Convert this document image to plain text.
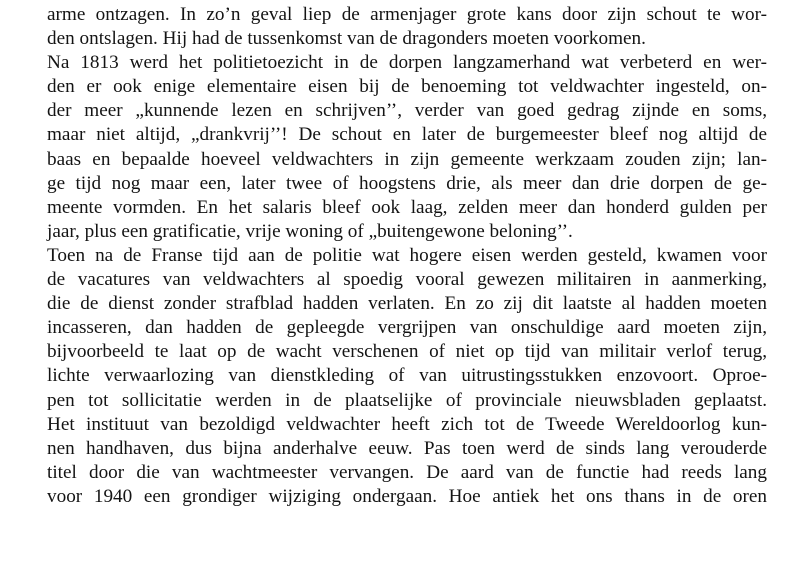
arme ontzagen. In zo’n geval liep de armenjager grote kans door zijn schout te wor-
den ontslagen. Hij had de tussenkomst van de dragonders moeten voorkomen.
Na 1813 werd het politietoezicht in de dorpen langzamerhand wat verbeterd en wer-
den er ook enige elementaire eisen bij de benoeming tot veldwachter ingesteld, on-
der meer „kunnende lezen en schrijven’’, verder van goed gedrag zijnde en soms,
maar niet altijd, „drankvrij’’! De schout en later de burgemeester bleef nog altijd de
baas en bepaalde hoeveel veldwachters in zijn gemeente werkzaam zouden zijn; lan-
ge tijd nog maar een, later twee of hoogstens drie, als meer dan drie dorpen de ge-
meente vormden. En het salaris bleef ook laag, zelden meer dan honderd gulden per
jaar, plus een gratificatie, vrije woning of „buitengewone beloning’’.
Toen na de Franse tijd aan de politie wat hogere eisen werden gesteld, kwamen voor
de vacatures van veldwachters al spoedig vooral gewezen militairen in aanmerking,
die de dienst zonder strafblad hadden verlaten. En zo zij dit laatste al hadden moeten
incasseren, dan hadden de gepleegde vergrijpen van onschuldige aard moeten zijn,
bijvoorbeeld te laat op de wacht verschenen of niet op tijd van militair verlof terug,
lichte verwaarlozing van dienstkleding of van uitrustingsstukken enzovoort. Oproe-
pen tot sollicitatie werden in de plaatselijke of provinciale nieuwsbladen geplaatst.
Het instituut van bezoldigd veldwachter heeft zich tot de Tweede Wereldoorlog kun-
nen handhaven, dus bijna anderhalve eeuw. Pas toen werd de sinds lang verouderde
titel door die van wachtmeester vervangen. De aard van de functie had reeds lang
voor 1940 een grondiger wijziging ondergaan. Hoe antiek het ons thans in de oren
